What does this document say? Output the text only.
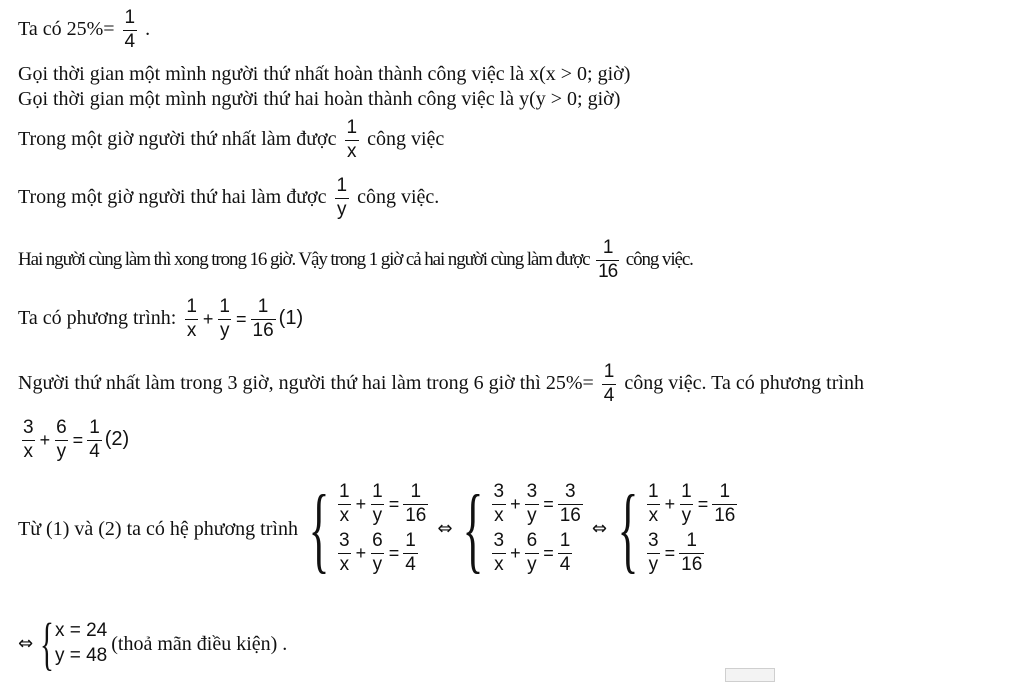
Ta có $25\%= \frac{1}{4}$ .
Gọi thời gian một mình người thứ nhất hoàn thành công việc là x(x > 0; giờ)
Gọi thời gian một mình người thứ hai hoàn thành công việc là y(y > 0; giờ)
Trong một giờ người thứ nhất làm được $\frac{1}{x}$ công việc
Trong một giờ người thứ hai làm được $\frac{1}{y}$ công việc.
Hai người cùng làm thì xong trong 16 giờ. Vậy trong 1 giờ cả hai người cùng làm được $\frac{1}{16}$ công việc.
Ta có phương trình: $\frac{1}{x} + \frac{1}{y} = \frac{1}{16} (1)$
Người thứ nhất làm trong 3 giờ, người thứ hai làm trong 6 giờ thì $25\%= \frac{1}{4}$ công việc. Ta có phương trình
$\frac{3}{x} + \frac{6}{y} = \frac{1}{4} (2)$
Từ (1) và (2) ta có hệ phương trình { $\frac{1}{x} + \frac{1}{y} = \frac{1}{16}$
$\frac{3}{x} + \frac{6}{y} = \frac{1}{4}$
⇔ { $\frac{3}{x} + \frac{3}{y} = \frac{3}{16}$
$\frac{3}{x} + \frac{6}{y} = \frac{1}{4}$
⇔ { $\frac{1}{x} + \frac{1}{y} = \frac{1}{16}$
$\frac{3}{y} = \frac{1}{16}$
⇔ { x = 24
y = 48
(thoả mãn điều kiện) .
